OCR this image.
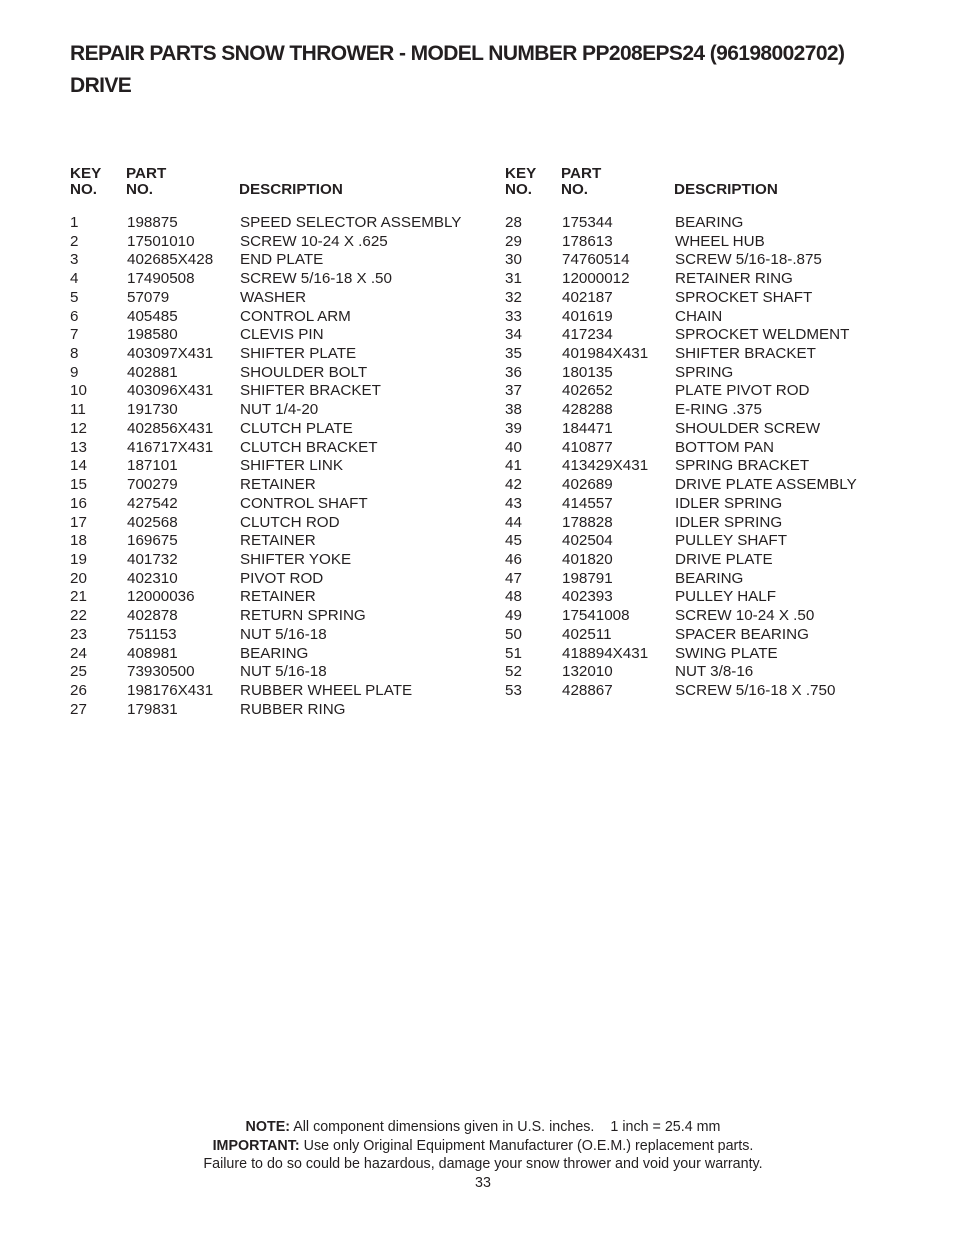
REPAIR PARTS SNOW THROWER - MODEL NUMBER PP208EPS24 (96198002702)
DRIVE
KEY
NO.
PART
NO.	DESCRIPTION
1	198875	SPEED SELECTOR ASSEMBLY
2	17501010	SCREW 10-24 X .625
3	402685X428 END PLATE
4	17490508	SCREW 5/16-18 X .50
5	57079	WASHER
6	405485	CONTROL ARM
7	198580	CLEVIS PIN
8	403097X431 SHIFTER PLATE
9	402881	SHOULDER BOLT
10	403096X431 SHIFTER BRACKET
11	191730	NUT 1/4-20
12	402856X431 CLUTCH PLATE
13	416717X431 CLUTCH BRACKET
14	187101	SHIFTER LINK
15	700279	RETAINER
16	427542	CONTROL SHAFT
17	402568	CLUTCH ROD
18	169675	RETAINER
19	401732	SHIFTER YOKE
20	402310	PIVOT ROD
21	12000036	RETAINER
22	402878	RETURN SPRING
23	751153	NUT 5/16-18
24	408981	BEARING
25	73930500	NUT 5/16-18
26	198176X431 RUBBER WHEEL PLATE
27	179831	RUBBER RING
KEY
NO.
PART
NO.	DESCRIPTION
28	175344	BEARING
29	178613	WHEEL HUB
30	74760514	SCREW 5/16-18-.875
31	12000012	RETAINER RING
32	402187	SPROCKET SHAFT
33	401619	CHAIN
34	417234	SPROCKET WELDMENT
35	401984X431 SHIFTER BRACKET
36	180135	SPRING
37	402652	PLATE PIVOT ROD
38	428288	E-RING .375
39	184471	SHOULDER SCREW
40	410877	BOTTOM PAN
41	413429X431 SPRING BRACKET
42	402689	DRIVE PLATE ASSEMBLY
43	414557	IDLER SPRING
44	178828	IDLER SPRING
45	402504	PULLEY SHAFT
46	401820	DRIVE PLATE
47	198791	BEARING
48	402393	PULLEY HALF
49	17541008	SCREW 10-24 X .50
50	402511	SPACER BEARING
51	418894X431 SWING PLATE
52	132010	NUT 3/8-16
53	428867	SCREW 5/16-18 X .750
NOTE: All component dimensions given in U.S. inches. 1 inch = 25.4 mm
IMPORTANT: Use only Original Equipment Manufacturer (O.E.M.) replacement parts.
Failure to do so could be hazardous, damage your snow thrower and void your warranty.
33
